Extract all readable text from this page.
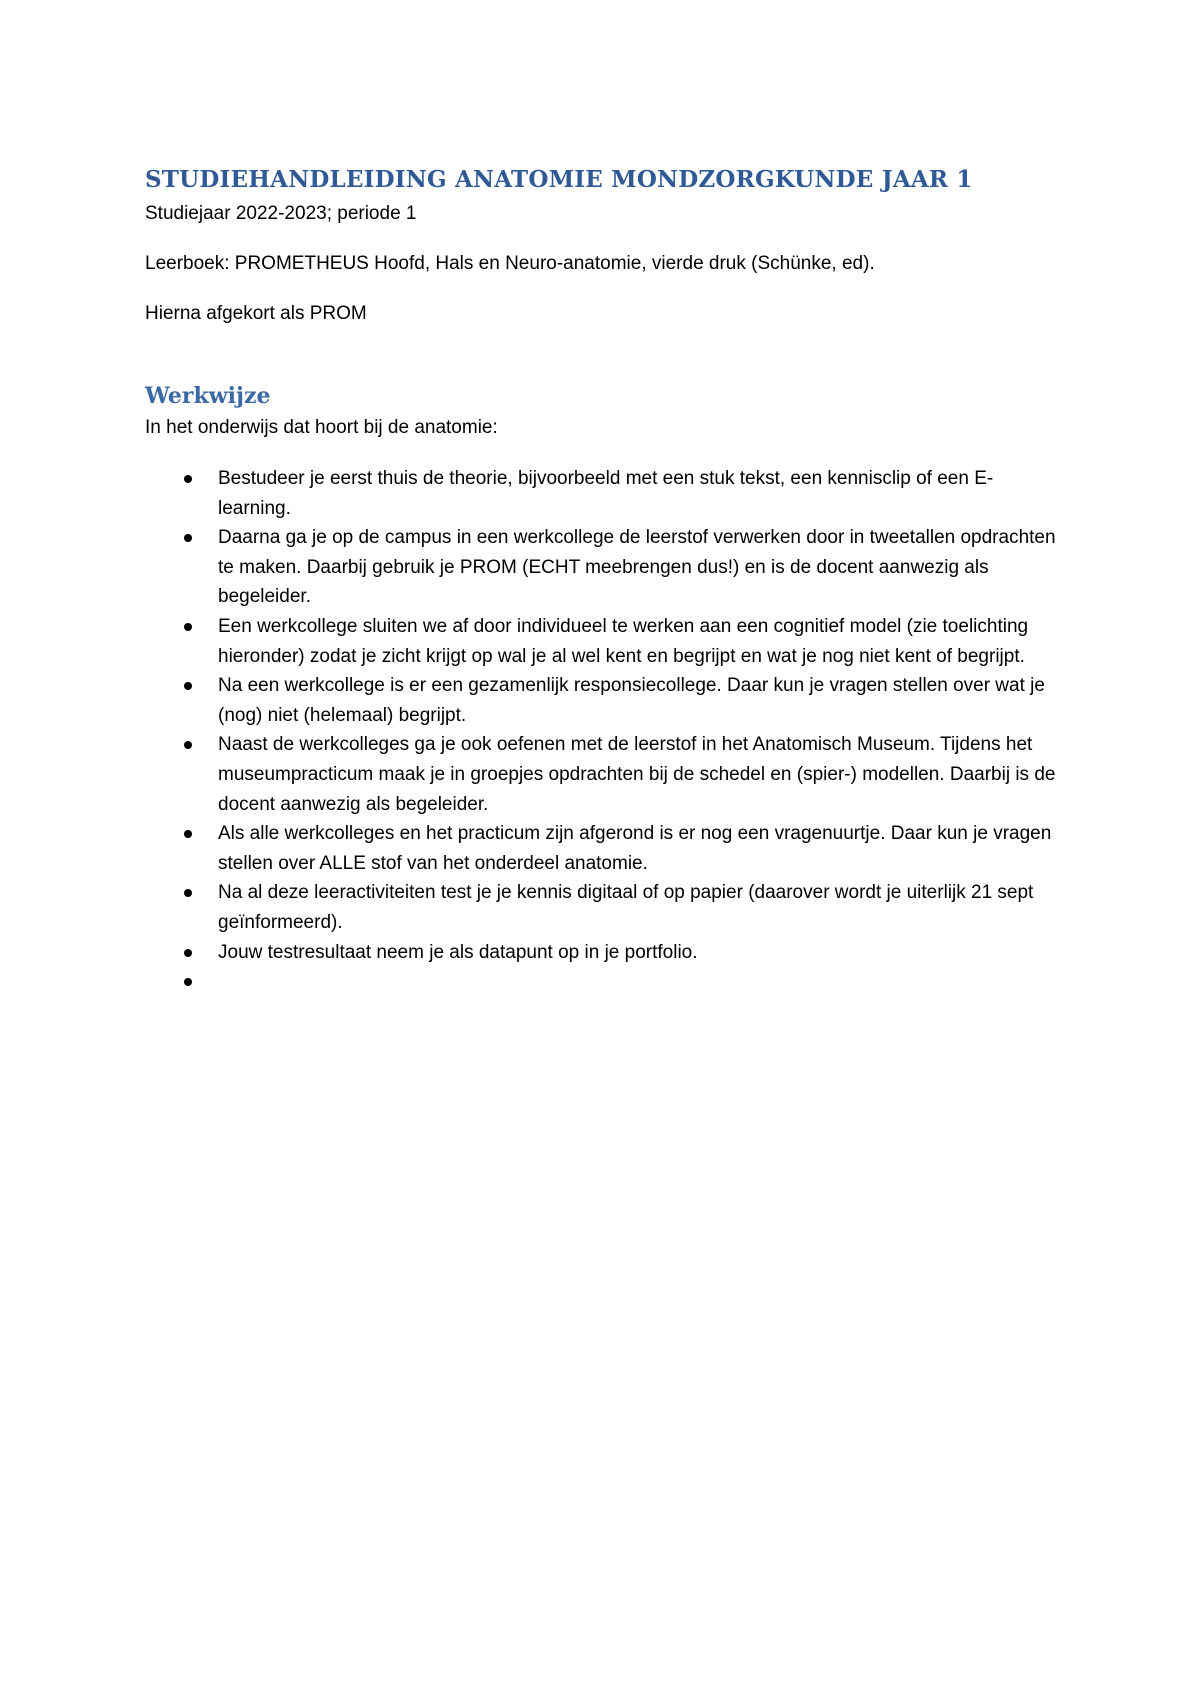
STUDIEHANDLEIDING ANATOMIE MONDZORGKUNDE JAAR 1

Studiejaar 2022-2023; periode 1

Leerboek: PROMETHEUS Hoofd, Hals en Neuro-anatomie, vierde druk (Schünke, ed).

Hierna afgekort als PROM

Werkwijze

In het onderwijs dat hoort bij de anatomie:

Bestudeer je eerst thuis de theorie, bijvoorbeeld met een stuk tekst, een kennisclip of een E-learning.
Daarna ga je op de campus in een werkcollege de leerstof verwerken door in tweetallen opdrachten te maken. Daarbij gebruik je PROM (ECHT meebrengen dus!) en is de docent aanwezig als begeleider.
Een werkcollege sluiten we af door individueel te werken aan een cognitief model (zie toelichting hieronder) zodat je zicht krijgt op wal je al wel kent en begrijpt en wat je nog niet kent of begrijpt.
Na een werkcollege is er een gezamenlijk responsiecollege. Daar kun je vragen stellen over wat je (nog) niet (helemaal) begrijpt.
Naast de werkcolleges ga je ook oefenen met de leerstof in het Anatomisch Museum. Tijdens het museumpracticum maak je in groepjes opdrachten bij de schedel en (spier-) modellen. Daarbij is de docent aanwezig als begeleider.
Als alle werkcolleges en het practicum zijn afgerond is er nog een vragenuurtje. Daar kun je vragen stellen over ALLE stof van het onderdeel anatomie.
Na al deze leeractiviteiten test je je kennis digitaal of op papier (daarover wordt je uiterlijk 21 sept geïnformeerd).
Jouw testresultaat neem je als datapunt op in je portfolio.
